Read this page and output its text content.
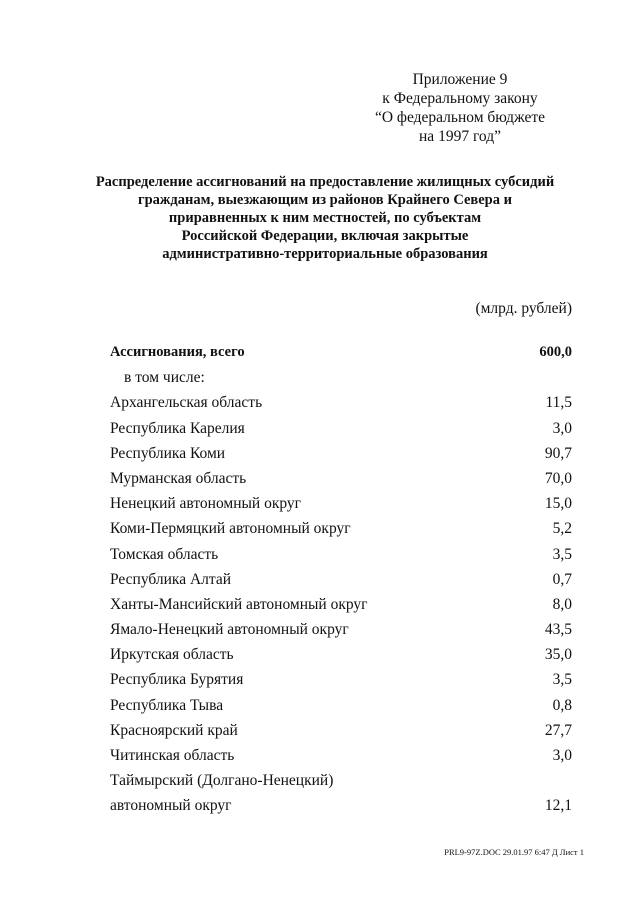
Приложение 9
к Федеральному закону
“О федеральном бюджете
на 1997 год”
Распределение ассигнований на предоставление жилищных субсидий
гражданам, выезжающим из районов Крайнего Севера и
приравненных к ним местностей, по субъектам
Российской Федерации, включая закрытые
административно-территориальные образования
(млрд. рублей)
Ассигнования, всего	600,0
в том числе:
Архангельская область	11,5
Республика Карелия	3,0
Республика Коми	90,7
Мурманская область	70,0
Ненецкий автономный округ	15,0
Коми-Пермяцкий автономный округ	5,2
Томская область	3,5
Республика Алтай	0,7
Ханты-Мансийский автономный округ	8,0
Ямало-Ненецкий автономный округ	43,5
Иркутская область	35,0
Республика Бурятия	3,5
Республика Тыва	0,8
Красноярский край	27,7
Читинская область	3,0
Таймырский (Долгано-Ненецкий)
автономный округ	12,1
PRL9-97Z.DOC 29.01.97 6:47 Д Лист 1
